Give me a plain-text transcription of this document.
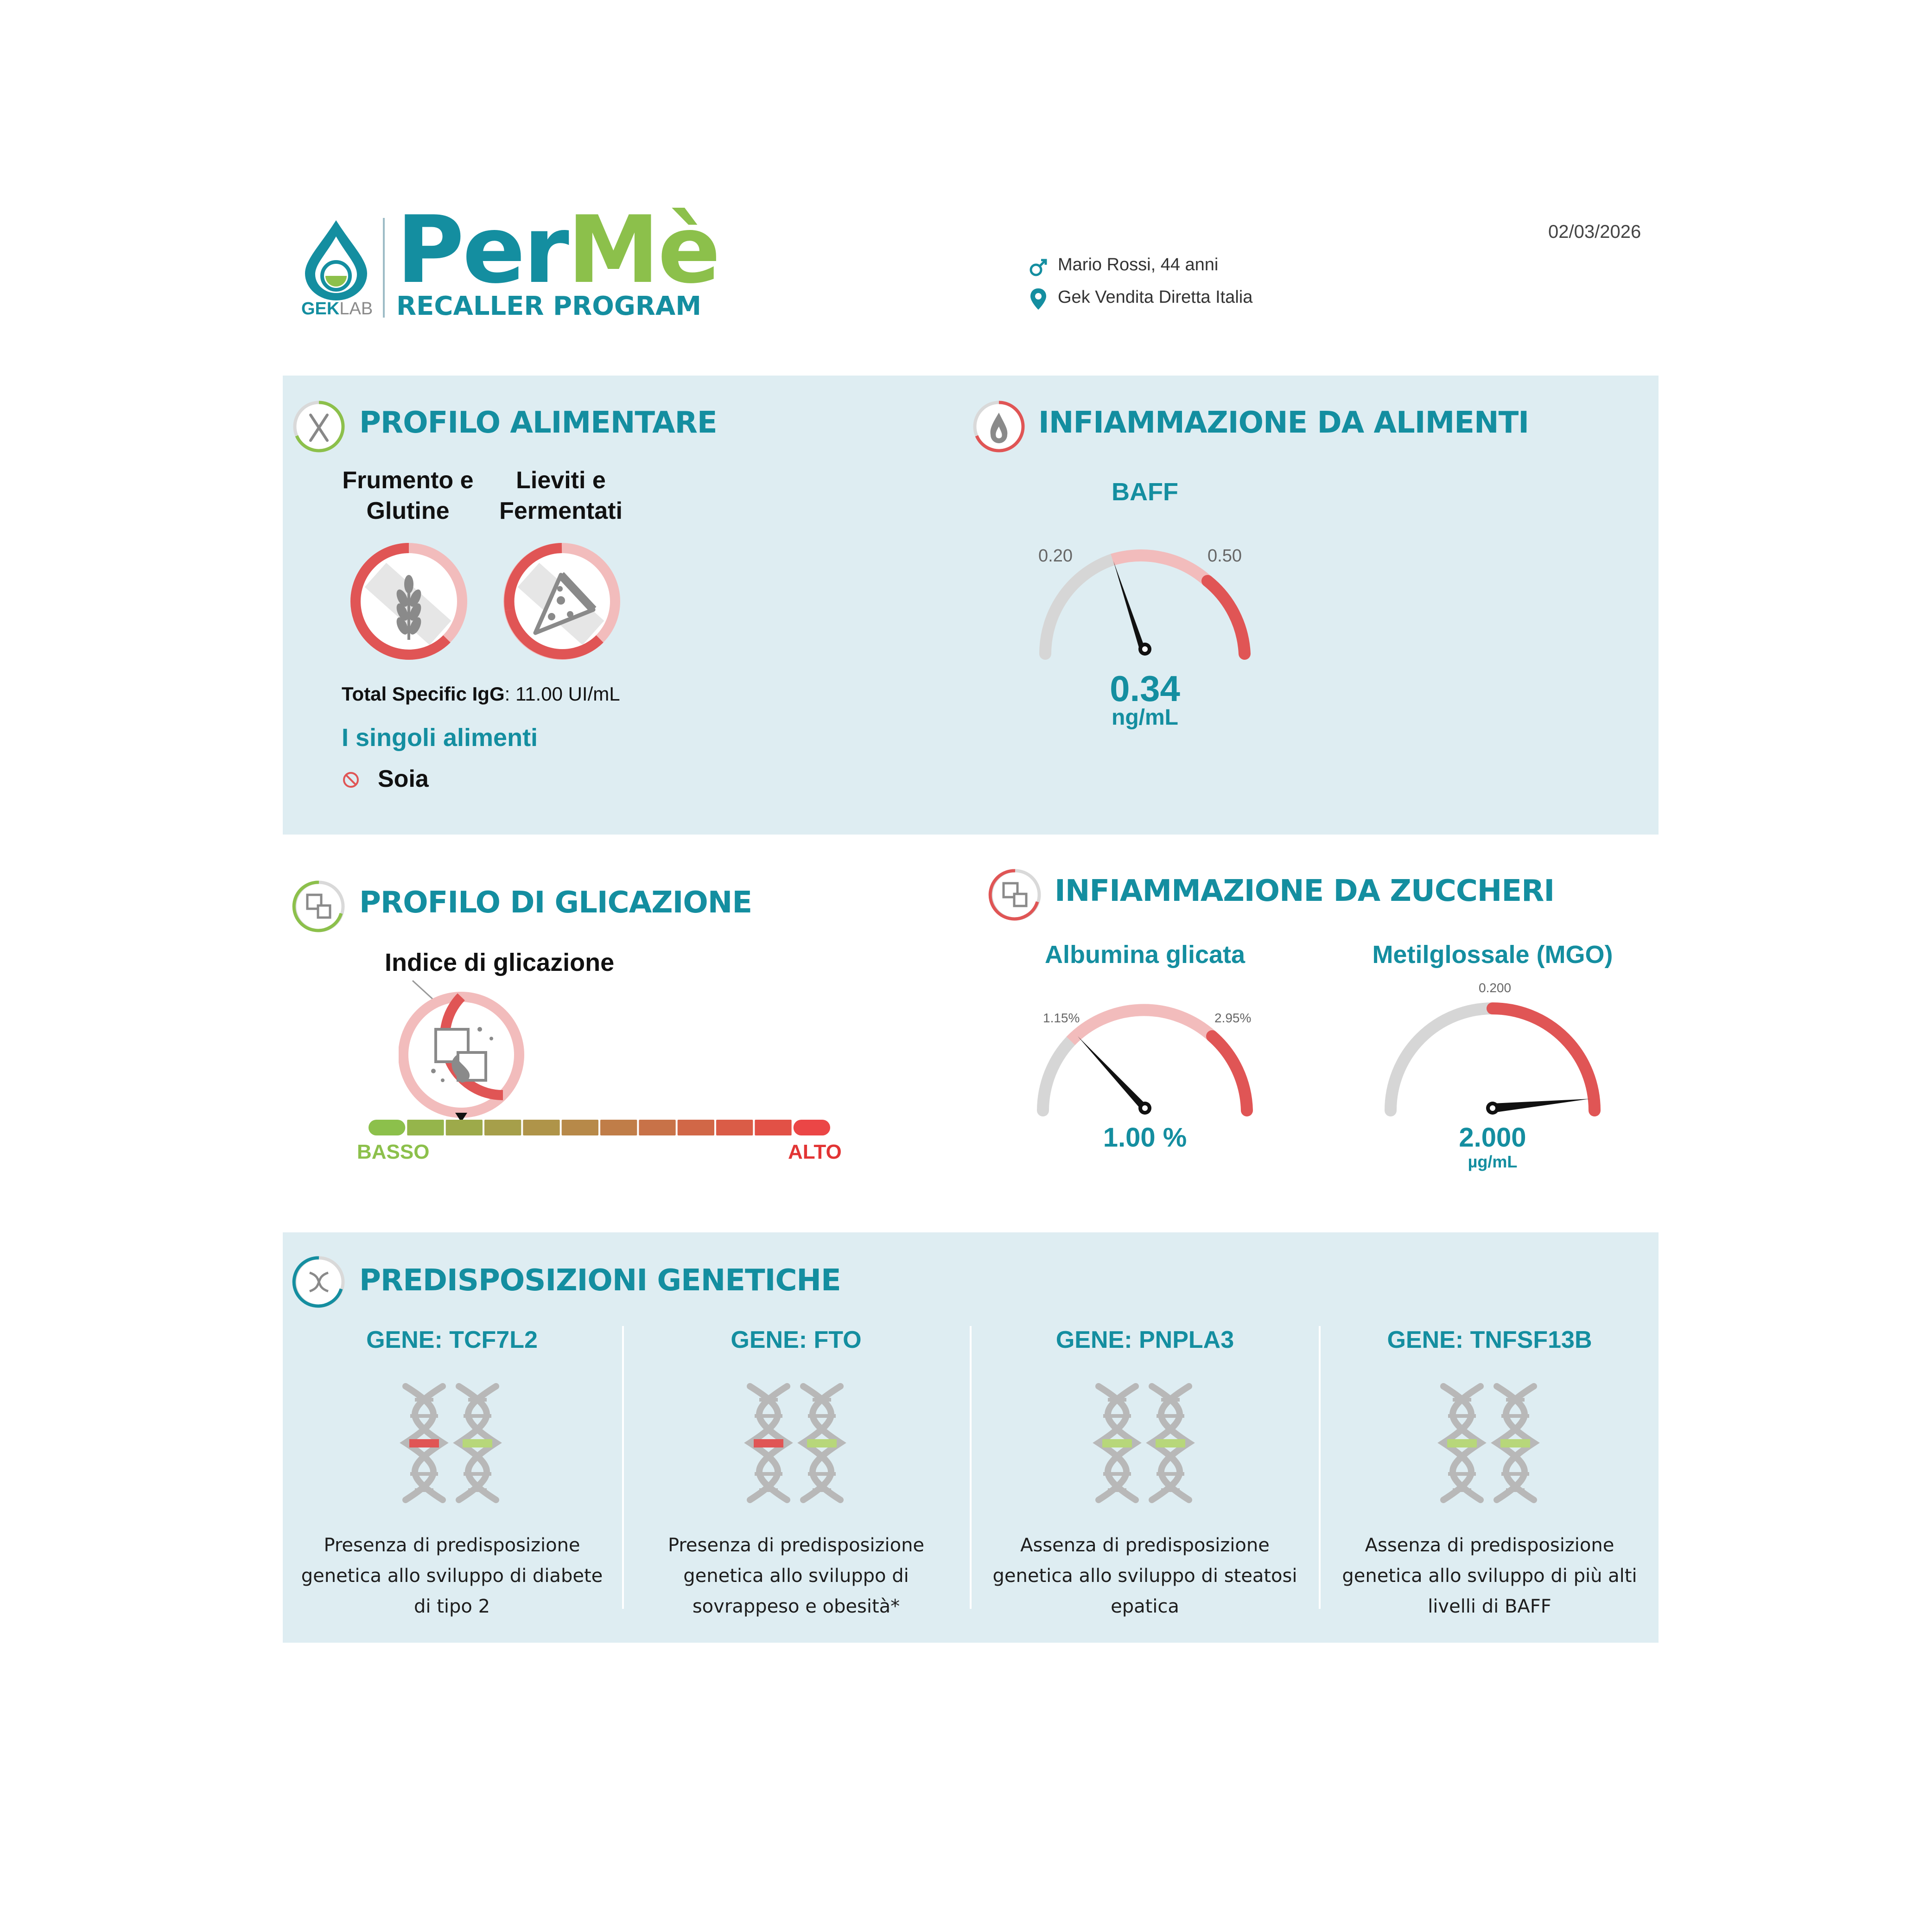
GEKLAB
PerMè
RECALLER PROGRAM
02/03/2026
Mario Rossi, 44 anni
Gek Vendita Diretta Italia
PROFILO ALIMENTARE
Frumento e
Glutine
Lieviti e
Fermentati
Total Specific IgG: 11.00 UI/mL
I singoli alimenti
Soia
INFIAMMAZIONE DA ALIMENTI
BAFF
0.20	0.50
0.34
ng/mL
PROFILO DI GLICAZIONE
Indice di glicazione
BASSO	ALTO
INFIAMMAZIONE DA ZUCCHERI
Albumina glicata
1.15%	2.95%
1.00 %
Metilglossale (MGO)
0.200
2.000
µg/mL
PREDISPOSIZIONI GENETICHE
GENE: TCF7L2
Presenza di predisposizione
genetica allo sviluppo di diabete
di tipo 2
GENE: FTO
Presenza di predisposizione
genetica allo sviluppo di
sovrappeso e obesità*
GENE: PNPLA3
Assenza di predisposizione
genetica allo sviluppo di steatosi
epatica
GENE: TNFSF13B
Assenza di predisposizione
genetica allo sviluppo di più alti
livelli di BAFF
